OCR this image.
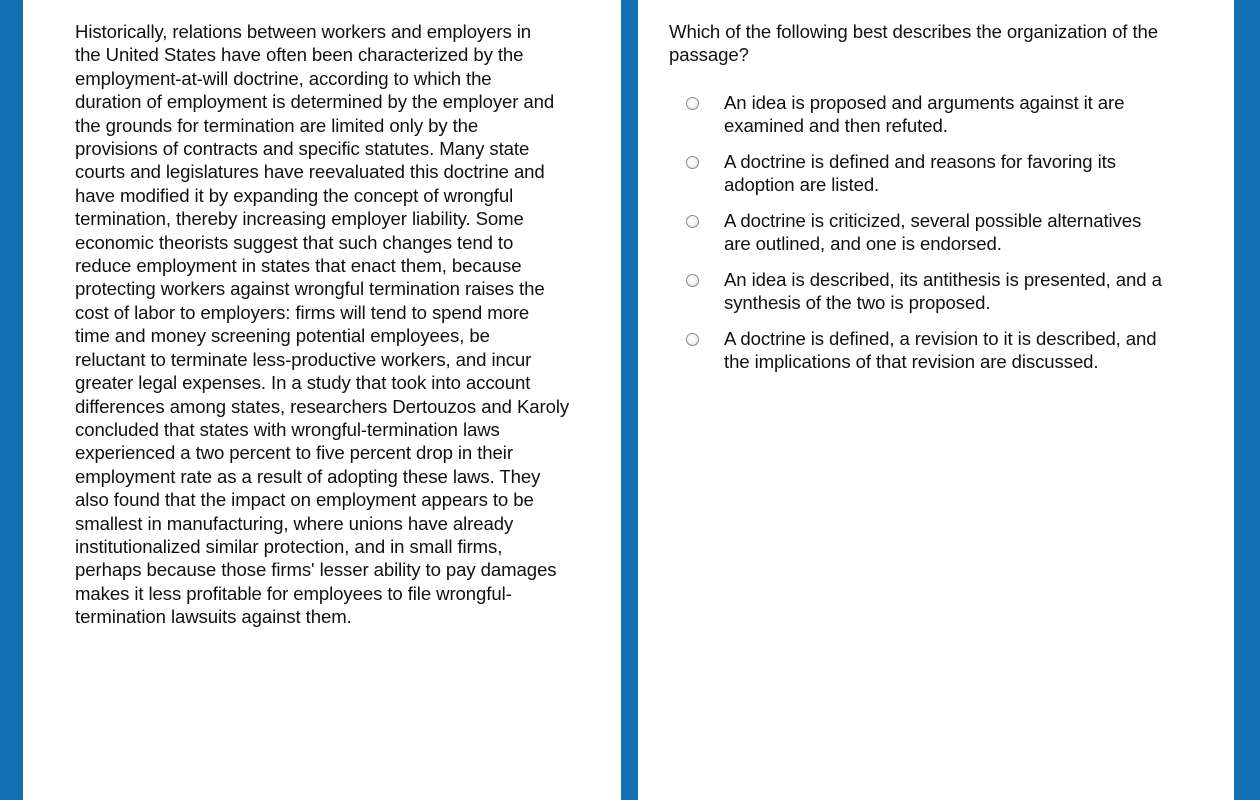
Historically, relations between workers and employers in
the United States have often been characterized by the
employment-at-will doctrine, according to which the
duration of employment is determined by the employer and
the grounds for termination are limited only by the
provisions of contracts and specific statutes. Many state
courts and legislatures have reevaluated this doctrine and
have modified it by expanding the concept of wrongful
termination, thereby increasing employer liability. Some
economic theorists suggest that such changes tend to
reduce employment in states that enact them, because
protecting workers against wrongful termination raises the
cost of labor to employers: firms will tend to spend more
time and money screening potential employees, be
reluctant to terminate less-productive workers, and incur
greater legal expenses. In a study that took into account
differences among states, researchers Dertouzos and Karoly
concluded that states with wrongful-termination laws
experienced a two percent to five percent drop in their
employment rate as a result of adopting these laws. They
also found that the impact on employment appears to be
smallest in manufacturing, where unions have already
institutionalized similar protection, and in small firms,
perhaps because those firms' lesser ability to pay damages
makes it less profitable for employees to file wrongful-
termination lawsuits against them.

Which of the following best describes the organization of the
passage?

An idea is proposed and arguments against it are
examined and then refuted.
A doctrine is defined and reasons for favoring its
adoption are listed.
A doctrine is criticized, several possible alternatives
are outlined, and one is endorsed.
An idea is described, its antithesis is presented, and a
synthesis of the two is proposed.
A doctrine is defined, a revision to it is described, and
the implications of that revision are discussed.
